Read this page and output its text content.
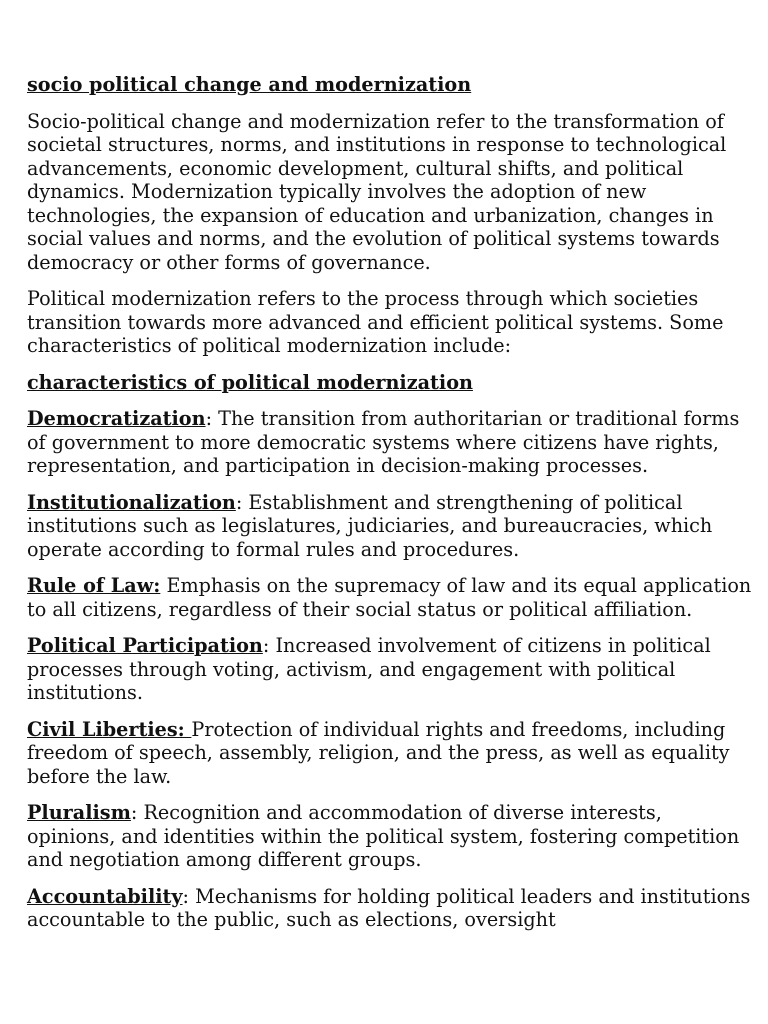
socio political change and modernization

Socio-political change and modernization refer to the transformation of societal structures, norms, and institutions in response to technological advancements, economic development, cultural shifts, and political dynamics. Modernization typically involves the adoption of new technologies, the expansion of education and urbanization, changes in social values and norms, and the evolution of political systems towards democracy or other forms of governance.

Political modernization refers to the process through which societies transition towards more advanced and efficient political systems. Some characteristics of political modernization include:

characteristics of political modernization

Democratization: The transition from authoritarian or traditional forms of government to more democratic systems where citizens have rights, representation, and participation in decision-making processes.

Institutionalization: Establishment and strengthening of political institutions such as legislatures, judiciaries, and bureaucracies, which operate according to formal rules and procedures.

Rule of Law: Emphasis on the supremacy of law and its equal application to all citizens, regardless of their social status or political affiliation.

Political Participation: Increased involvement of citizens in political processes through voting, activism, and engagement with political institutions.

Civil Liberties: Protection of individual rights and freedoms, including freedom of speech, assembly, religion, and the press, as well as equality before the law.

Pluralism: Recognition and accommodation of diverse interests, opinions, and identities within the political system, fostering competition and negotiation among different groups.

Accountability: Mechanisms for holding political leaders and institutions accountable to the public, such as elections, oversight
